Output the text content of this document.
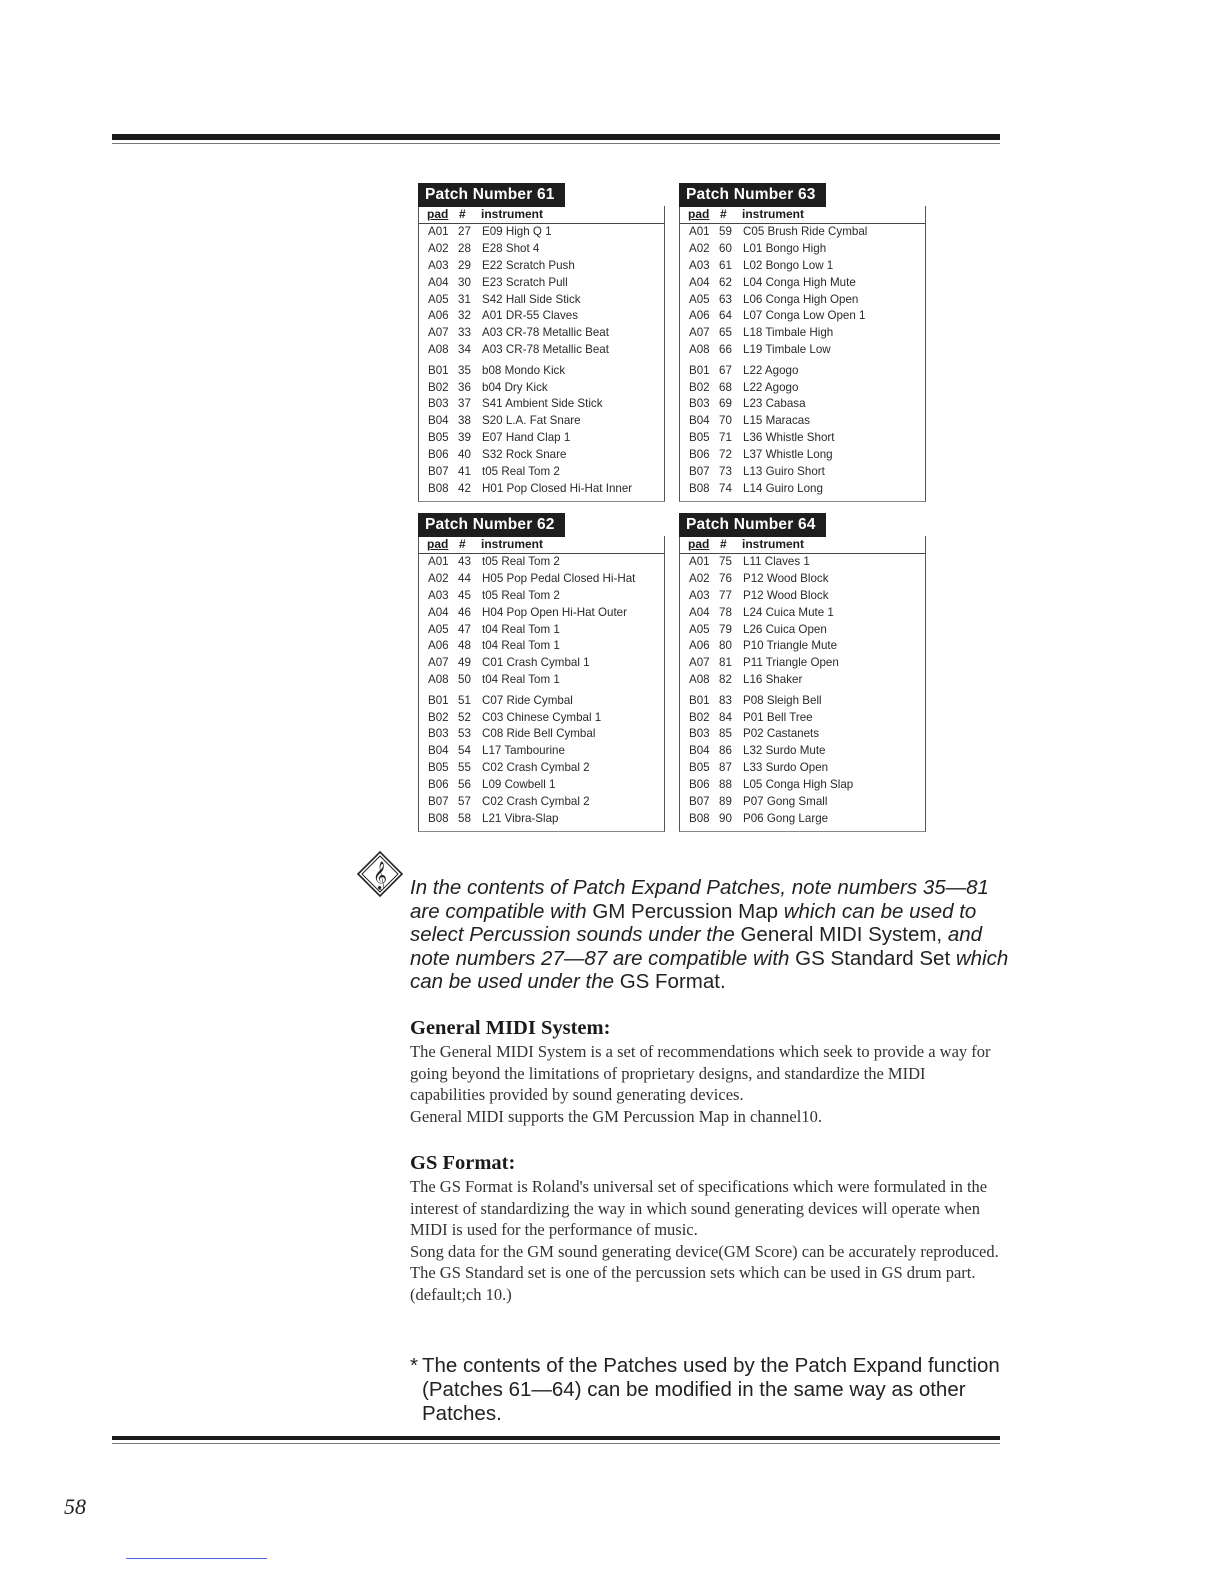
Patch Number 61
pad # instrument
A01 27 E09 High Q 1
A02 28 E28 Shot 4
A03 29 E22 Scratch Push
A04 30 E23 Scratch Pull
A05 31 S42 Hall Side Stick
A06 32 A01 DR-55 Claves
A07 33 A03 CR-78 Metallic Beat
A08 34 A03 CR-78 Metallic Beat
B01 35 b08 Mondo Kick
B02 36 b04 Dry Kick
B03 37 S41 Ambient Side Stick
B04 38 S20 L.A. Fat Snare
B05 39 E07 Hand Clap 1
B06 40 S32 Rock Snare
B07 41 t05 Real Tom 2
B08 42 H01 Pop Closed Hi-Hat Inner
Patch Number 63
pad # instrument
A01 59 C05 Brush Ride Cymbal
A02 60 L01 Bongo High
A03 61 L02 Bongo Low 1
A04 62 L04 Conga High Mute
A05 63 L06 Conga High Open
A06 64 L07 Conga Low Open 1
A07 65 L18 Timbale High
A08 66 L19 Timbale Low
B01 67 L22 Agogo
B02 68 L22 Agogo
B03 69 L23 Cabasa
B04 70 L15 Maracas
B05 71 L36 Whistle Short
B06 72 L37 Whistle Long
B07 73 L13 Guiro Short
B08 74 L14 Guiro Long
Patch Number 62
pad # instrument
A01 43 t05 Real Tom 2
A02 44 H05 Pop Pedal Closed Hi-Hat
A03 45 t05 Real Tom 2
A04 46 H04 Pop Open Hi-Hat Outer
A05 47 t04 Real Tom 1
A06 48 t04 Real Tom 1
A07 49 C01 Crash Cymbal 1
A08 50 t04 Real Tom 1
B01 51 C07 Ride Cymbal
B02 52 C03 Chinese Cymbal 1
B03 53 C08 Ride Bell Cymbal
B04 54 L17 Tambourine
B05 55 C02 Crash Cymbal 2
B06 56 L09 Cowbell 1
B07 57 C02 Crash Cymbal 2
B08 58 L21 Vibra-Slap
Patch Number 64
pad # instrument
A01 75 L11 Claves 1
A02 76 P12 Wood Block
A03 77 P12 Wood Block
A04 78 L24 Cuica Mute 1
A05 79 L26 Cuica Open
A06 80 P10 Triangle Mute
A07 81 P11 Triangle Open
A08 82 L16 Shaker
B01 83 P08 Sleigh Bell
B02 84 P01 Bell Tree
B03 85 P02 Castanets
B04 86 L32 Surdo Mute
B05 87 L33 Surdo Open
B06 88 L05 Conga High Slap
B07 89 P07 Gong Small
B08 90 P06 Gong Large
𝄞 In the contents of Patch Expand Patches, note numbers 35—81 are compatible with GM Percussion Map which can be used to select Percussion sounds under the General MIDI System, and note numbers 27—87 are compatible with GS Standard Set which can be used under the GS Format.
General MIDI System:

The General MIDI System is a set of recommendations which seek to provide a way for going beyond the limitations of proprietary designs, and standardize the MIDI capabilities provided by sound generating devices.

General MIDI supports the GM Percussion Map in channel10.

GS Format:

The GS Format is Roland's universal set of specifications which were formulated in the interest of standardizing the way in which sound generating devices will operate when MIDI is used for the performance of music.

Song data for the GM sound generating device(GM Score) can be accurately reproduced.

The GS Standard set is one of the percussion sets which can be used in GS drum part.(default;ch 10.)

* The contents of the Patches used by the Patch Expand function (Patches 61—64) can be modified in the same way as other Patches.
58
